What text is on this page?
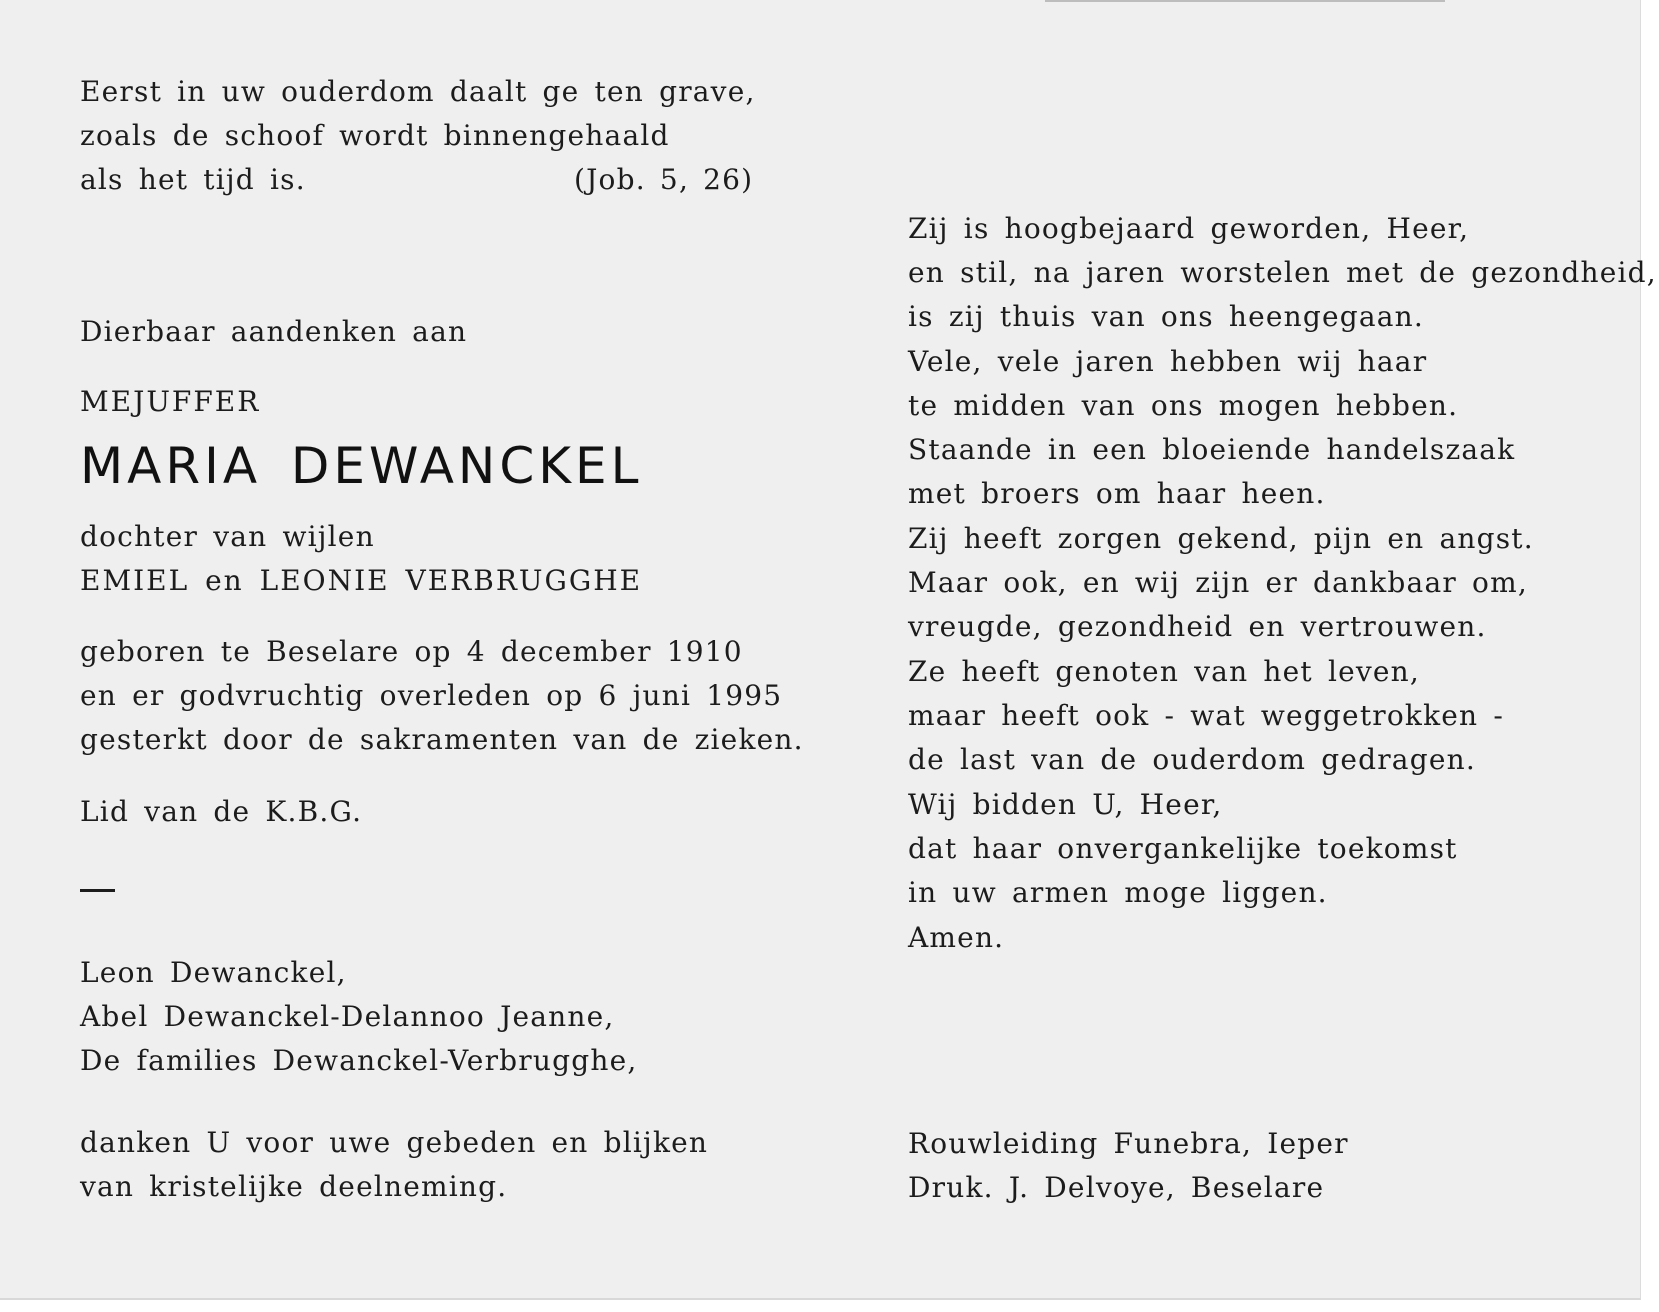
Eerst in uw ouderdom daalt ge ten grave,
zoals de schoof wordt binnengehaald
als het tijd is.	(Job. 5, 26)
Dierbaar aandenken aan
MEJUFFER
MARIA DEWANCKEL
dochter van wijlen
EMIEL en LEONIE VERBRUGGHE
geboren te Beselare op 4 december 1910
en er godvruchtig overleden op 6 juni 1995
gesterkt door de sakramenten van de zieken.
Lid van de K.B.G.
Leon Dewanckel,
Abel Dewanckel-Delannoo Jeanne,
De families Dewanckel-Verbrugghe,
danken U voor uwe gebeden en blijken
van kristelijke deelneming.
Zij is hoogbejaard geworden, Heer,
en stil, na jaren worstelen met de gezondheid,
is zij thuis van ons heengegaan.
Vele, vele jaren hebben wij haar
te midden van ons mogen hebben.
Staande in een bloeiende handelszaak
met broers om haar heen.
Zij heeft zorgen gekend, pijn en angst.
Maar ook, en wij zijn er dankbaar om,
vreugde, gezondheid en vertrouwen.
Ze heeft genoten van het leven,
maar heeft ook - wat weggetrokken -
de last van de ouderdom gedragen.
Wij bidden U, Heer,
dat haar onvergankelijke toekomst
in uw armen moge liggen.
Amen.
Rouwleiding Funebra, Ieper
Druk. J. Delvoye, Beselare
